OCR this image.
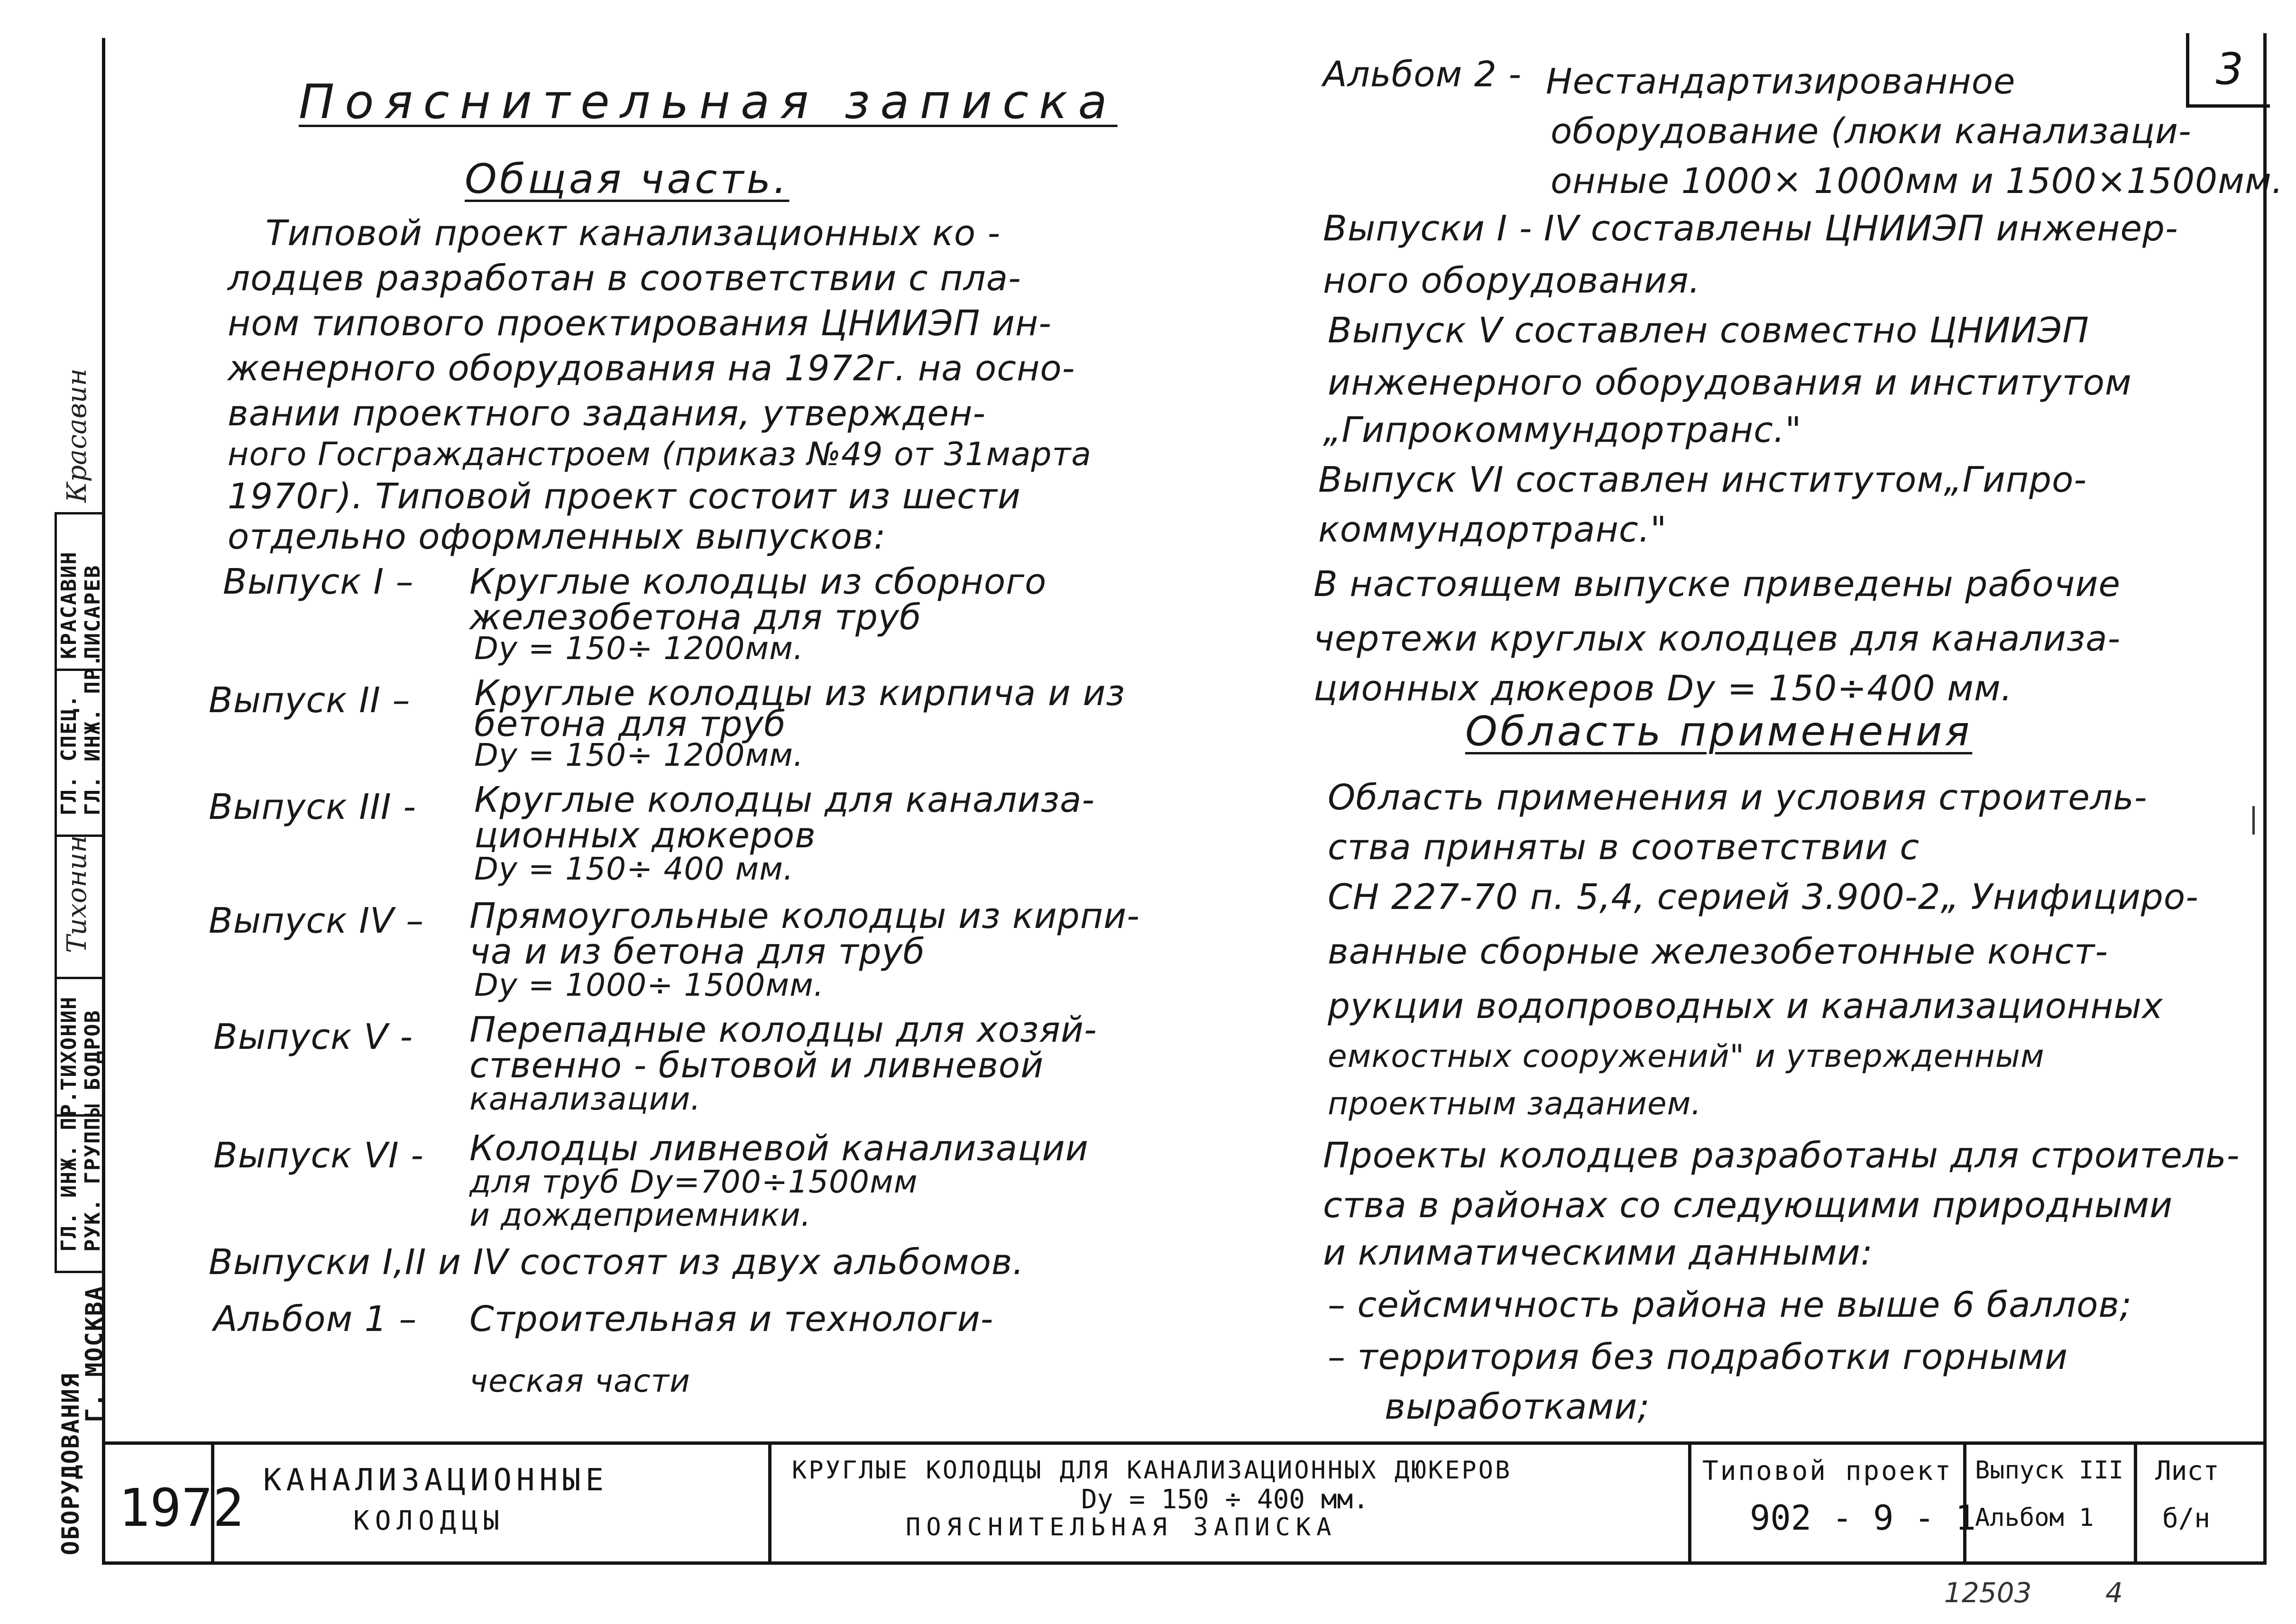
3
Пояснительная записка
Общая часть.
Типовой проект канализационных ко -
лодцев разработан в соответствии с пла-
ном типового проектирования ЦНИИЭП ин-
женерного оборудования на 1972г. на осно-
вании проектного задания, утвержден-
ного Госгражданстроем (приказ №49 от 31марта
1970г). Типовой проект состоит из шести
отдельно оформленных выпусков:
Выпуск I – Круглые колодцы из сборного
железобетона для труб
Dу = 150÷ 1200мм.
Выпуск II – Круглые колодцы из кирпича и из
бетона для труб
Dу = 150÷ 1200мм.
Выпуск III - Круглые колодцы для канализа-
ционных дюкеров
Dу = 150÷ 400 мм.
Выпуск IV – Прямоугольные колодцы из кирпи-
ча и из бетона для труб
Dу = 1000÷ 1500мм.
Выпуск V - Перепадные колодцы для хозяй-
ственно - бытовой и ливневой
канализации.
Выпуск VI - Колодцы ливневой канализации
для труб Dу=700÷1500мм
и дождеприемники.
Выпуски I,II и IV состоят из двух альбомов.
Альбом 1 – Строительная и технологи-
ческая части
Альбом 2 - Нестандартизированное
оборудование (люки канализаци-
онные 1000× 1000мм и 1500×1500мм.
Выпуски I - IV составлены ЦНИИЭП инженер-
ного оборудования.
Выпуск V составлен совместно ЦНИИЭП
инженерного оборудования и институтом
„Гипрокоммундортранс."
Выпуск VI составлен институтом„Гипро-
коммундортранс."
В настоящем выпуске приведены рабочие
чертежи круглых колодцев для канализа-
ционных дюкеров Dу = 150÷400 мм.
Область применения
Область применения и условия строитель-
ства приняты в соответствии с
СН 227-70 п. 5,4, серией 3.900-2„ Унифициро-
ванные сборные железобетонные конст-
рукции водопроводных и канализационных
емкостных сооружений" и утвержденным
проектным заданием.
Проекты колодцев разработаны для строитель-
ства в районах со следующими природными
и климатическими данными:
– сейсмичность района не выше 6 баллов;
– территория без подработки горными
выработками;
1972 КАНАЛИЗАЦИОННЫЕ
КОЛОДЦЫ
КРУГЛЫЕ КОЛОДЦЫ ДЛЯ КАНАЛИЗАЦИОННЫХ ДЮКЕРОВ
Dу = 150 ÷ 400 мм.
ПОЯСНИТЕЛЬНАЯ ЗАПИСКА
Типовой проект
902 - 9 - 1
Выпуск III
Альбом 1
Лист
б/н
ОБОРУДОВАНИЯ
Г. МОСКВА
ГЛ. ИНЖ. ПР. РУК. ГРУППЫ
ТИХОНИН БОДРОВ
ГЛ. СПЕЦ. ГЛ. ИНЖ. ПР.
КРАСАВИН ПИСАРЕВ
Тихонин
Красавин
12503	4
